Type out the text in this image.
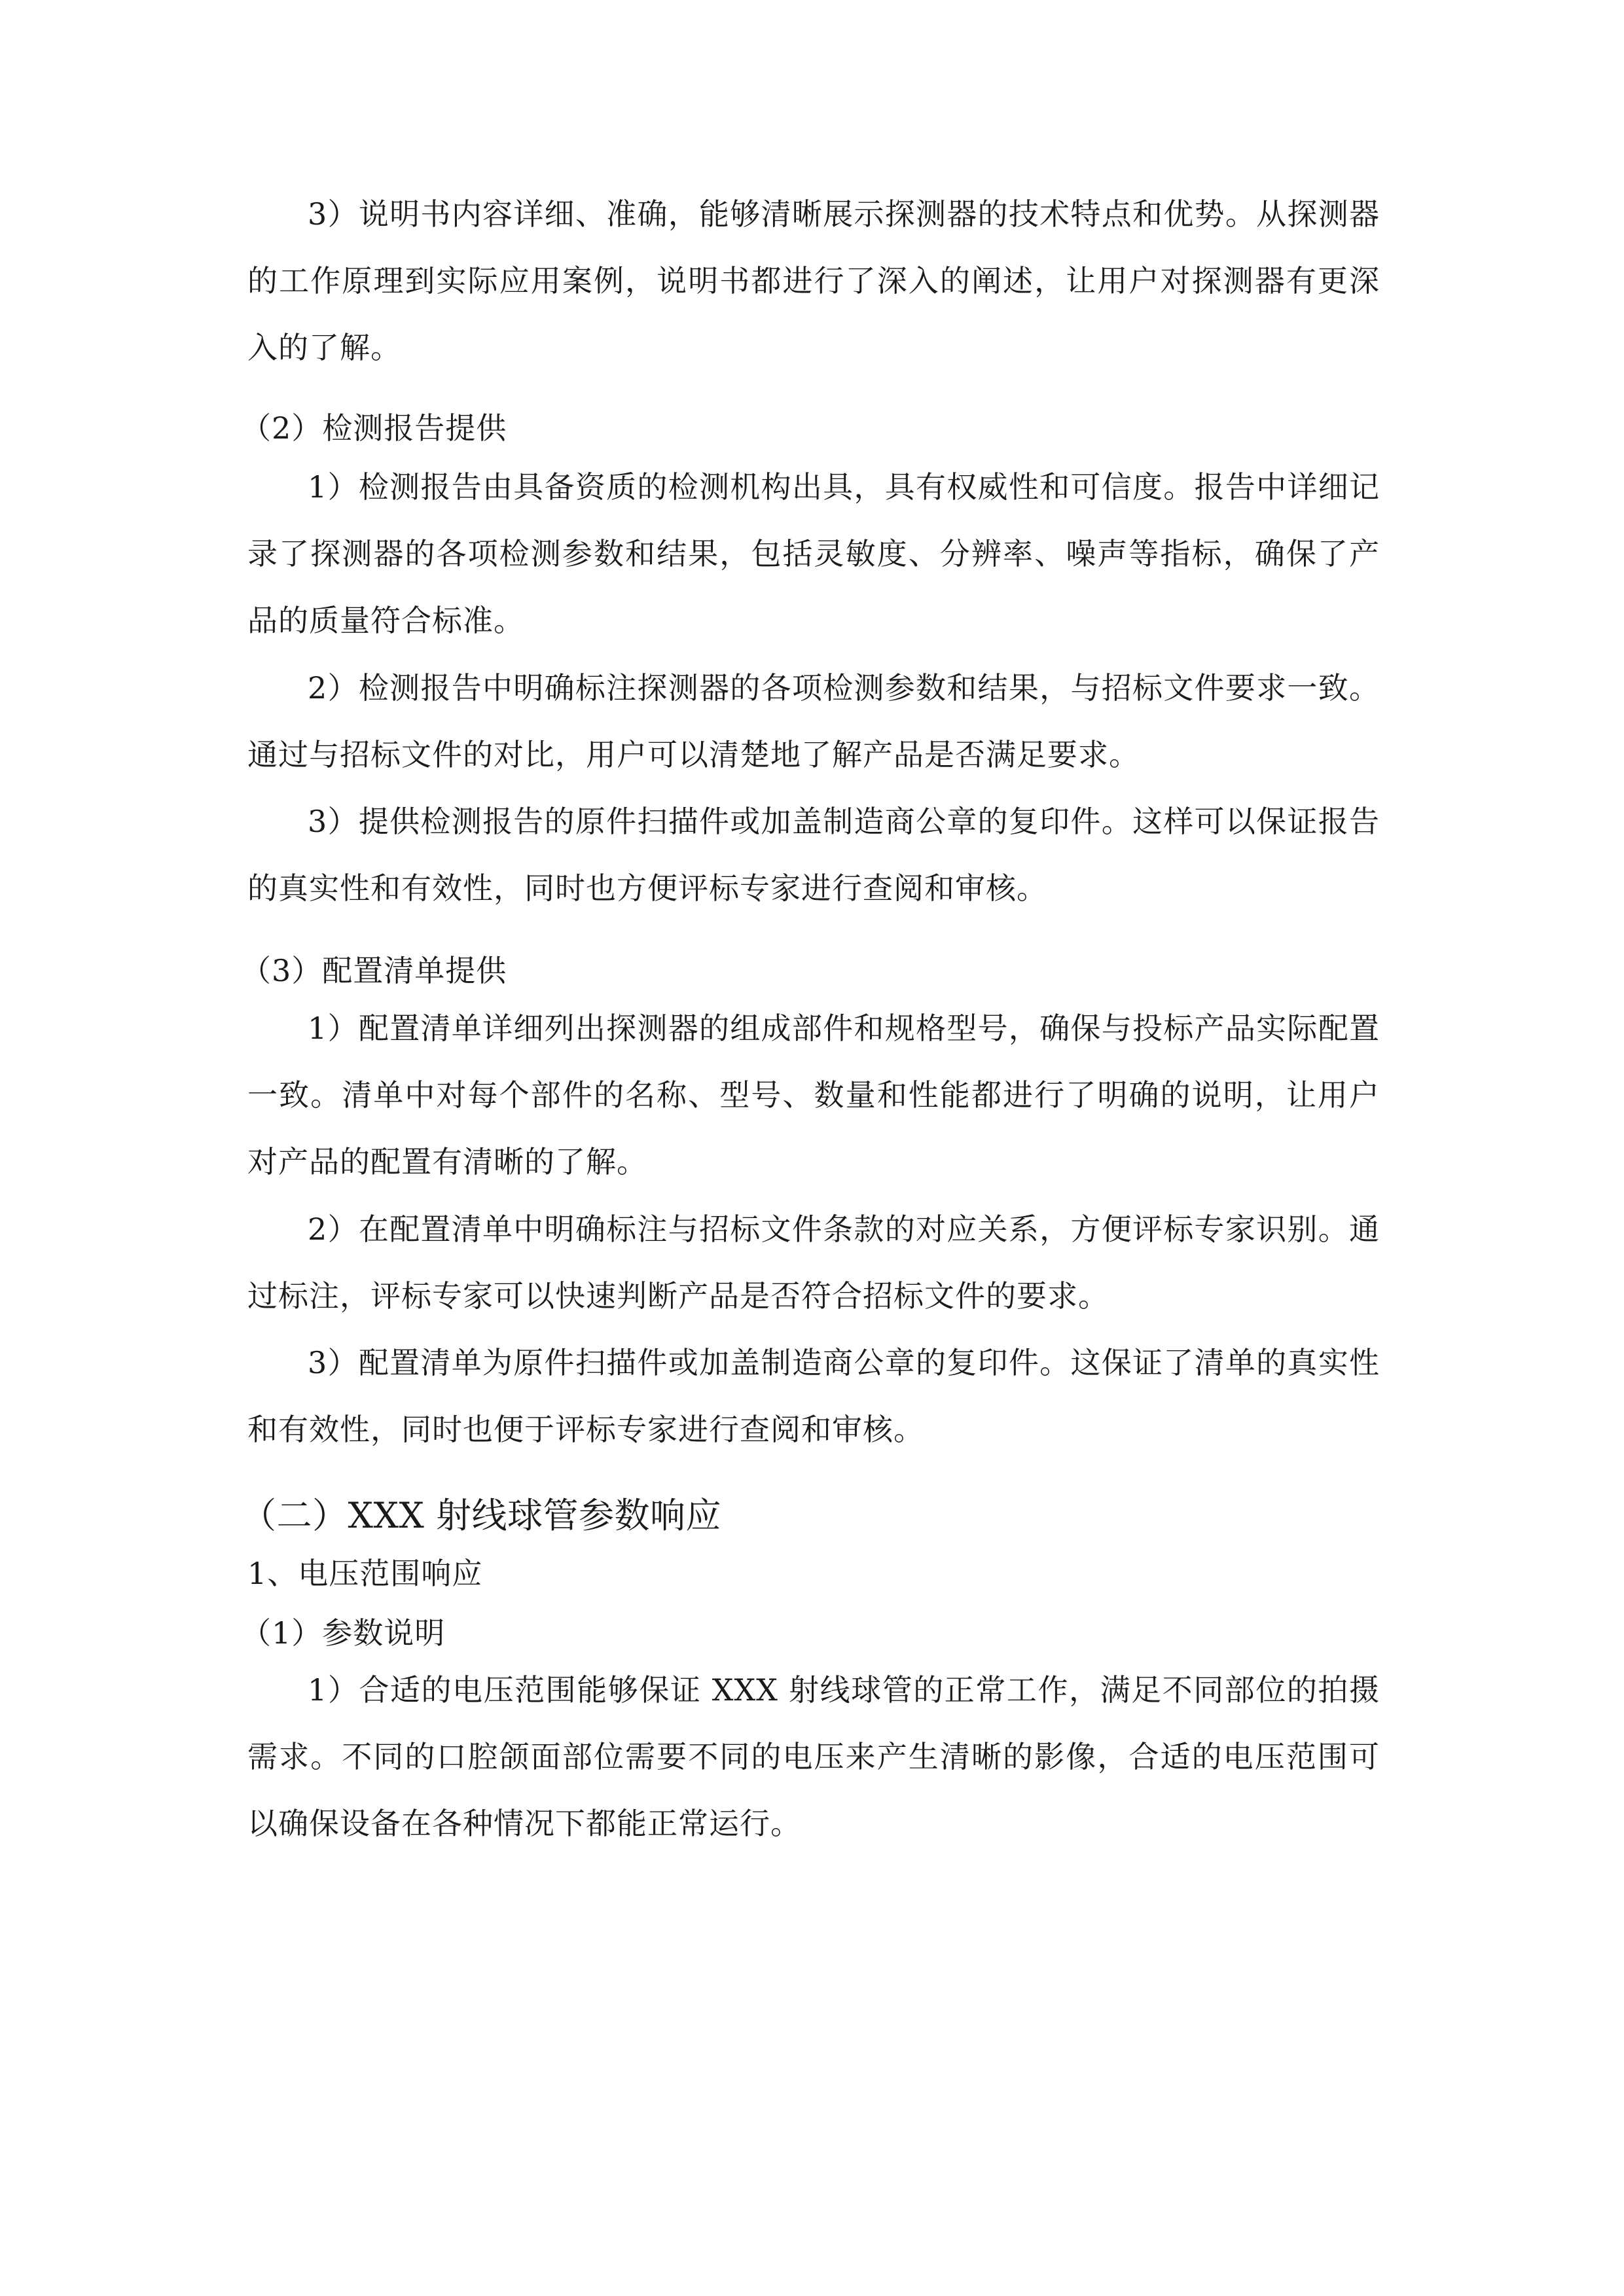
3）说明书内容详细、准确，能够清晰展示探测器的技术特点和优势。从探测器的工作原理到实际应用案例，说明书都进行了深入的阐述，让用户对探测器有更深入的了解。

（2）检测报告提供

1）检测报告由具备资质的检测机构出具，具有权威性和可信度。报告中详细记录了探测器的各项检测参数和结果，包括灵敏度、分辨率、噪声等指标，确保了产品的质量符合标准。

2）检测报告中明确标注探测器的各项检测参数和结果，与招标文件要求一致。通过与招标文件的对比，用户可以清楚地了解产品是否满足要求。

3）提供检测报告的原件扫描件或加盖制造商公章的复印件。这样可以保证报告的真实性和有效性，同时也方便评标专家进行查阅和审核。

（3）配置清单提供

1）配置清单详细列出探测器的组成部件和规格型号，确保与投标产品实际配置一致。清单中对每个部件的名称、型号、数量和性能都进行了明确的说明，让用户对产品的配置有清晰的了解。

2）在配置清单中明确标注与招标文件条款的对应关系，方便评标专家识别。通过标注，评标专家可以快速判断产品是否符合招标文件的要求。

3）配置清单为原件扫描件或加盖制造商公章的复印件。这保证了清单的真实性和有效性，同时也便于评标专家进行查阅和审核。

（二）XXX 射线球管参数响应

1、电压范围响应

（1）参数说明

1）合适的电压范围能够保证 XXX 射线球管的正常工作，满足不同部位的拍摄需求。不同的口腔颌面部位需要不同的电压来产生清晰的影像，合适的电压范围可以确保设备在各种情况下都能正常运行。
